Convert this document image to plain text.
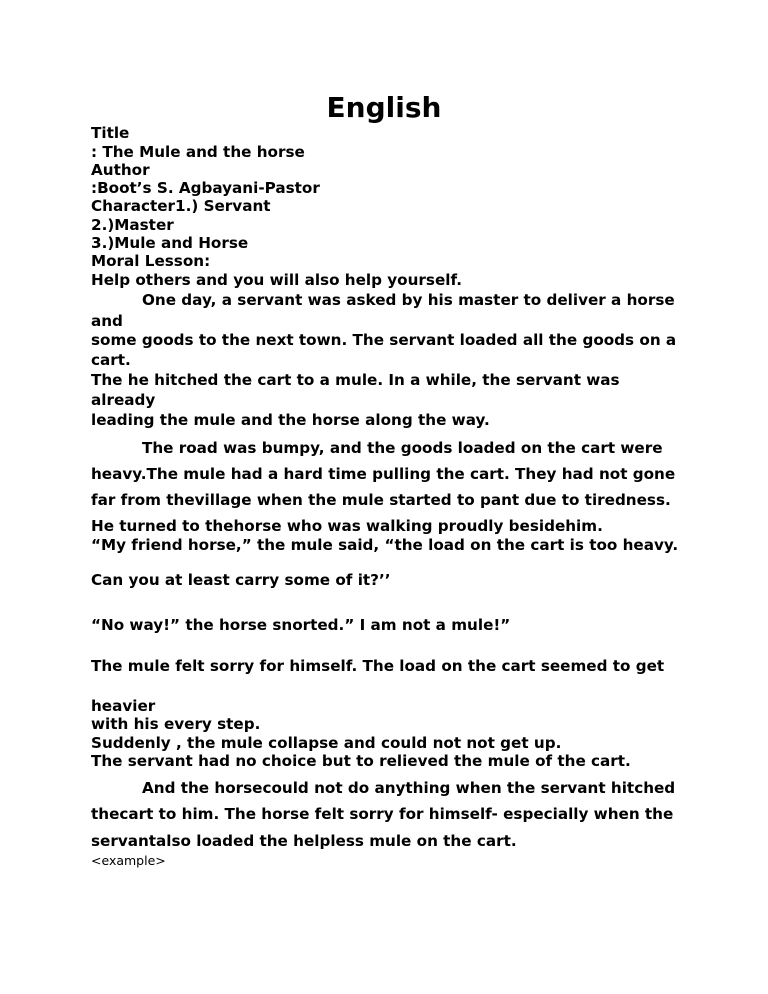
English
Title
: The Mule and the horse
Author
:Boot’s S. Agbayani-Pastor
Character1.) Servant
2.)Master
3.)Mule and Horse
Moral Lesson:
Help others and you will also help yourself.
One day, a servant was asked by his master to deliver a horse
and
some goods to the next town. The servant loaded all the goods on a
cart.
The he hitched the cart to a mule. In a while, the servant was
already
leading the mule and the horse along the way.
The road was bumpy, and the goods loaded on the cart were
heavy.The mule had a hard time pulling the cart. They had not gone
far from thevillage when the mule started to pant due to tiredness.
He turned to thehorse who was walking proudly besidehim.
“My friend horse,” the mule said, “the load on the cart is too heavy.
Can you at least carry some of it?’’
“No way!” the horse snorted.” I am not a mule!”
The mule felt sorry for himself. The load on the cart seemed to get
heavier
with his every step.
Suddenly , the mule collapse and could not not get up.
The servant had no choice but to relieved the mule of the cart.
And the horsecould not do anything when the servant hitched
thecart to him. The horse felt sorry for himself- especially when the
servantalso loaded the helpless mule on the cart.
<example>
